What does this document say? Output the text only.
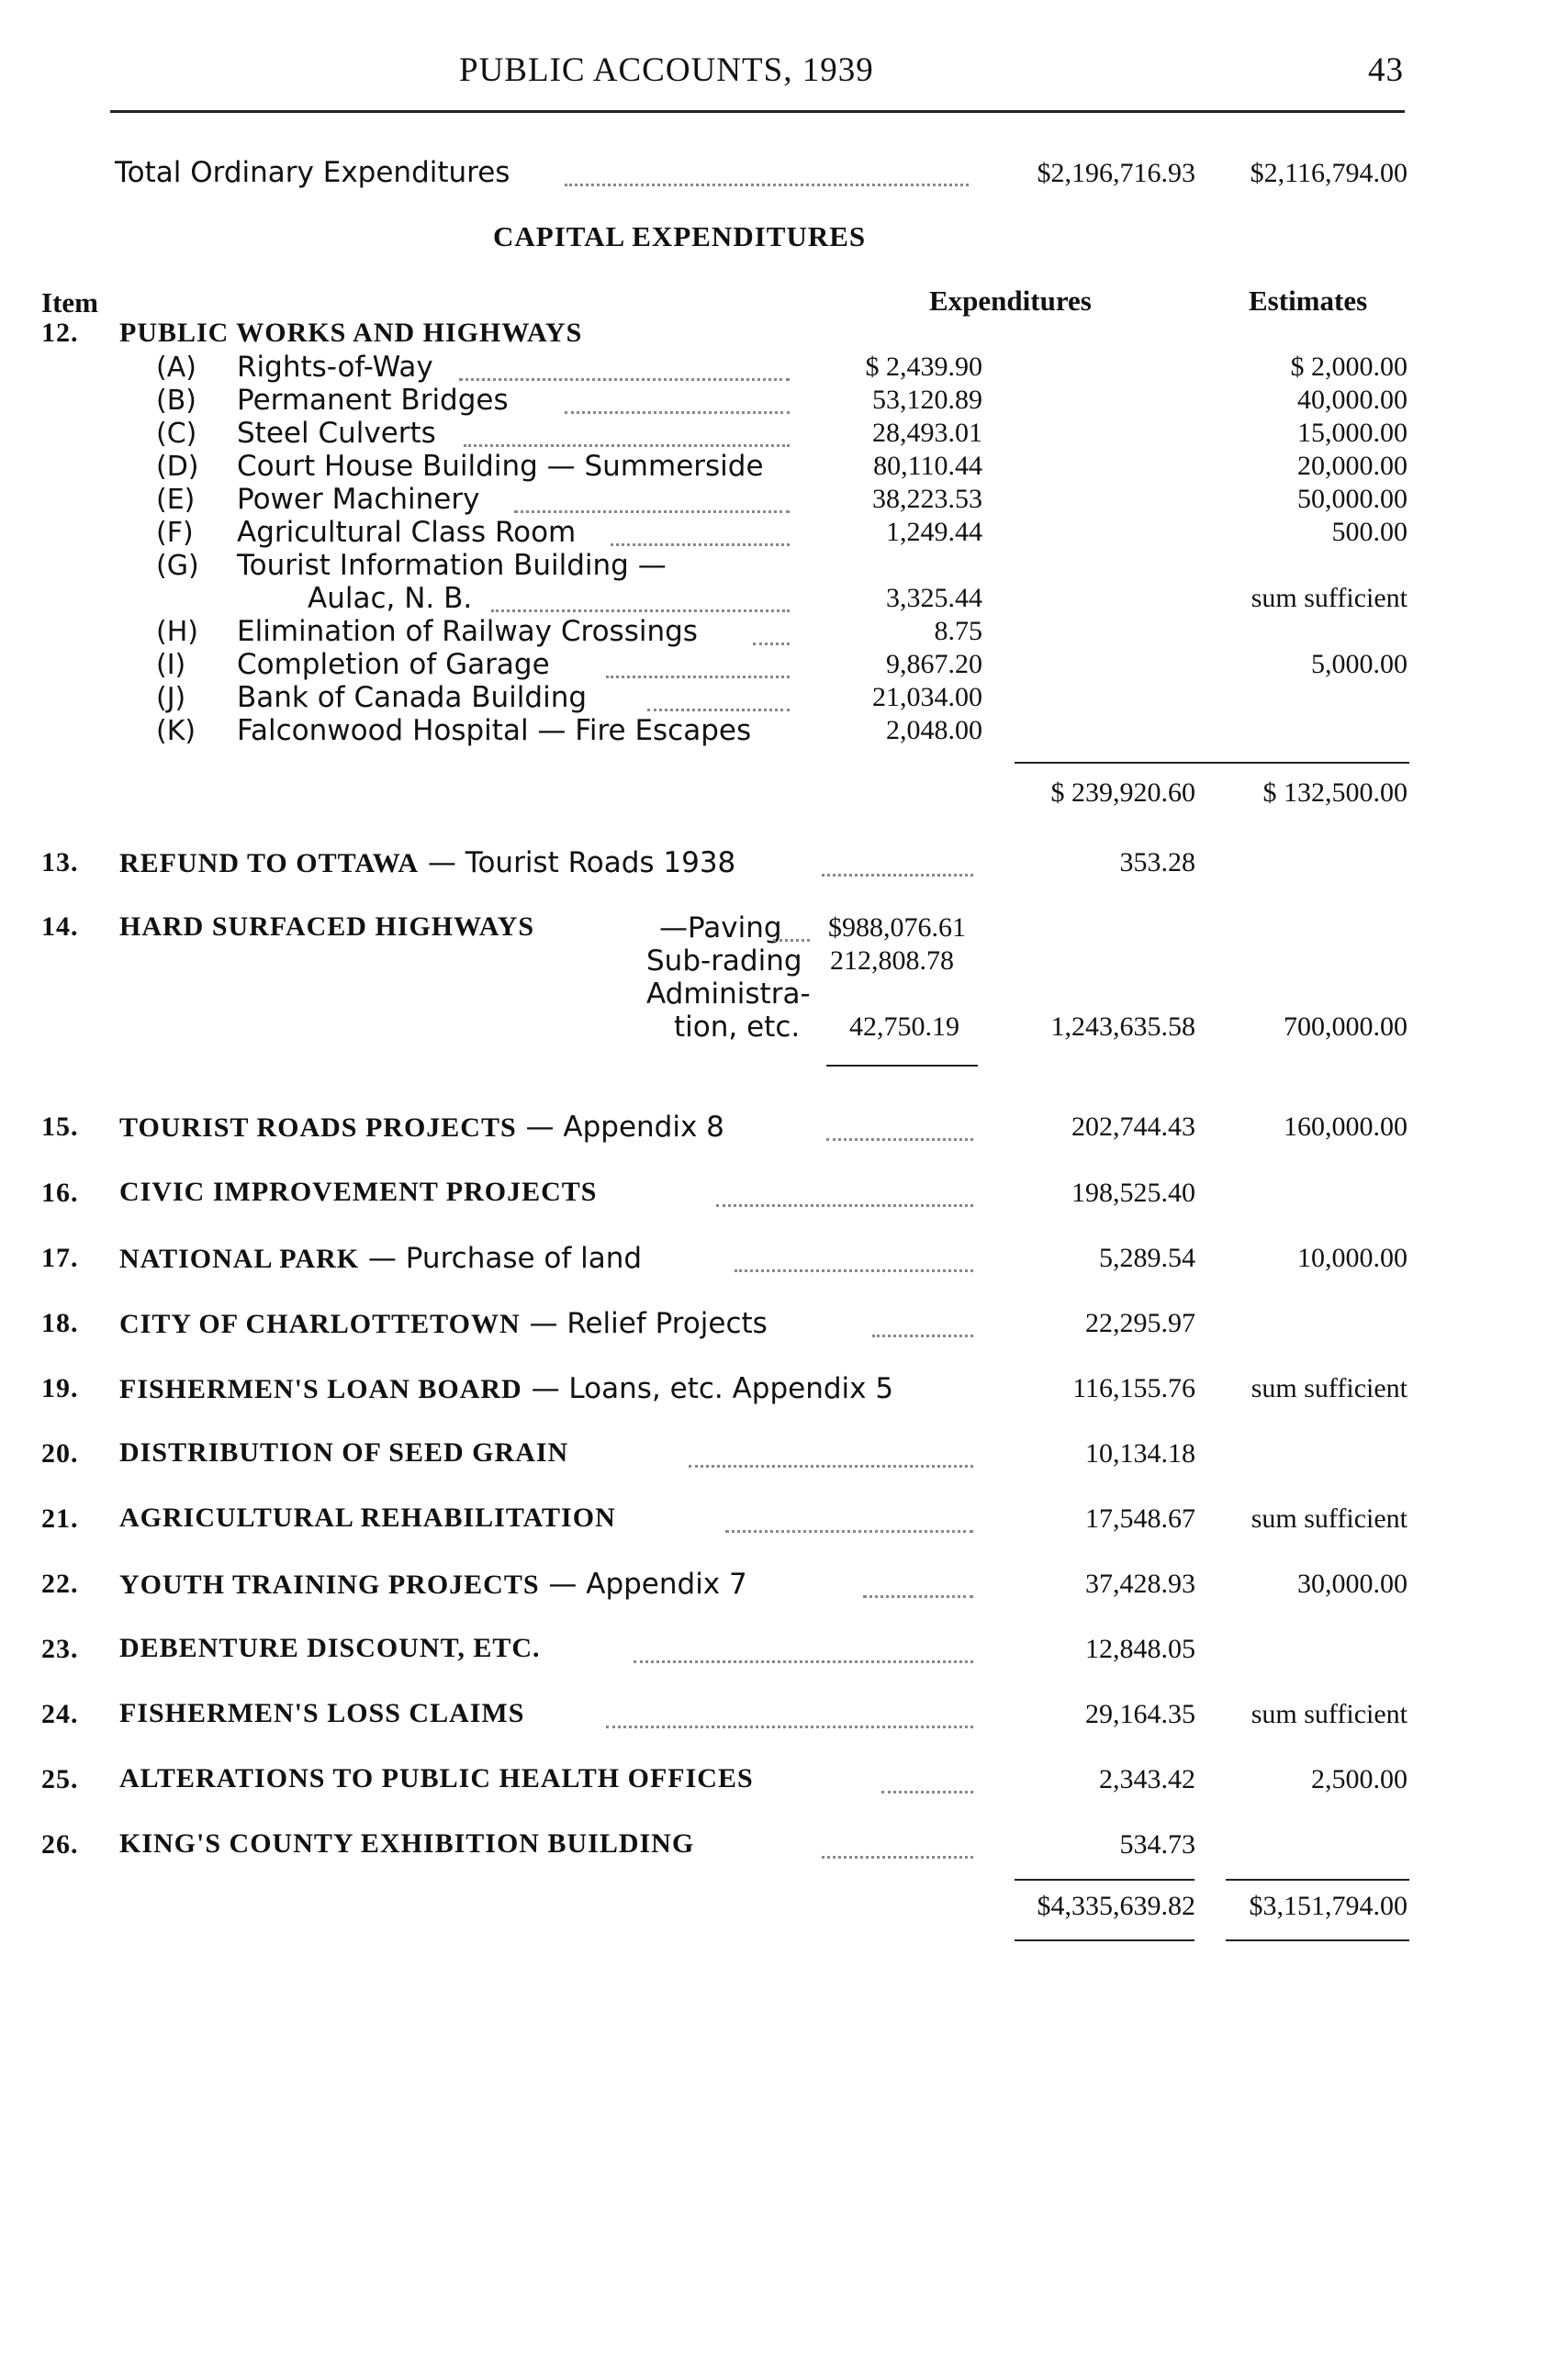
PUBLIC ACCOUNTS, 1939	43
Total Ordinary Expenditures	$2,196,716.93 $2,116,794.00
CAPITAL EXPENDITURES
Item	Expenditures	Estimates
12. PUBLIC WORKS AND HIGHWAYS
(A) Rights-of-Way	$ 2,439.90	$ 2,000.00
(B) Permanent Bridges	53,120.89	40,000.00
(C) Steel Culverts	28,493.01	15,000.00
(D) Court House Building — Summerside	80,110.44	20,000.00
(E) Power Machinery	38,223.53	50,000.00
(F) Agricultural Class Room	1,249.44	500.00
(G) Tourist Information Building —
Aulac, N. B.	3,325.44	sum sufficient
(H) Elimination of Railway Crossings	8.75
(I) Completion of Garage	9,867.20	5,000.00
(J) Bank of Canada Building	21,034.00
(K) Falconwood Hospital — Fire Escapes	2,048.00
$ 239,920.60 $ 132,500.00
13. REFUND TO OTTAWA — Tourist Roads 1938	353.28
14. HARD SURFACED HIGHWAYS	—Paving $988,076.61
Sub-rading 212,808.78
Administra-
tion, etc. 42,750.19	1,243,635.58	700,000.00
15. TOURIST ROADS PROJECTS — Appendix 8	202,744.43	160,000.00
16. CIVIC IMPROVEMENT PROJECTS	198,525.40
17. NATIONAL PARK — Purchase of land	5,289.54	10,000.00
18. CITY OF CHARLOTTETOWN — Relief Projects	22,295.97
19. FISHERMEN'S LOAN BOARD — Loans, etc. Appendix 5	116,155.76 sum sufficient
20. DISTRIBUTION OF SEED GRAIN	10,134.18
21. AGRICULTURAL REHABILITATION	17,548.67 sum sufficient
22. YOUTH TRAINING PROJECTS — Appendix 7	37,428.93	30,000.00
23. DEBENTURE DISCOUNT, ETC.	12,848.05
24. FISHERMEN'S LOSS CLAIMS	29,164.35 sum sufficient
25. ALTERATIONS TO PUBLIC HEALTH OFFICES	2,343.42	2,500.00
26. KING'S COUNTY EXHIBITION BUILDING	534.73
$4,335,639.82 $3,151,794.00
